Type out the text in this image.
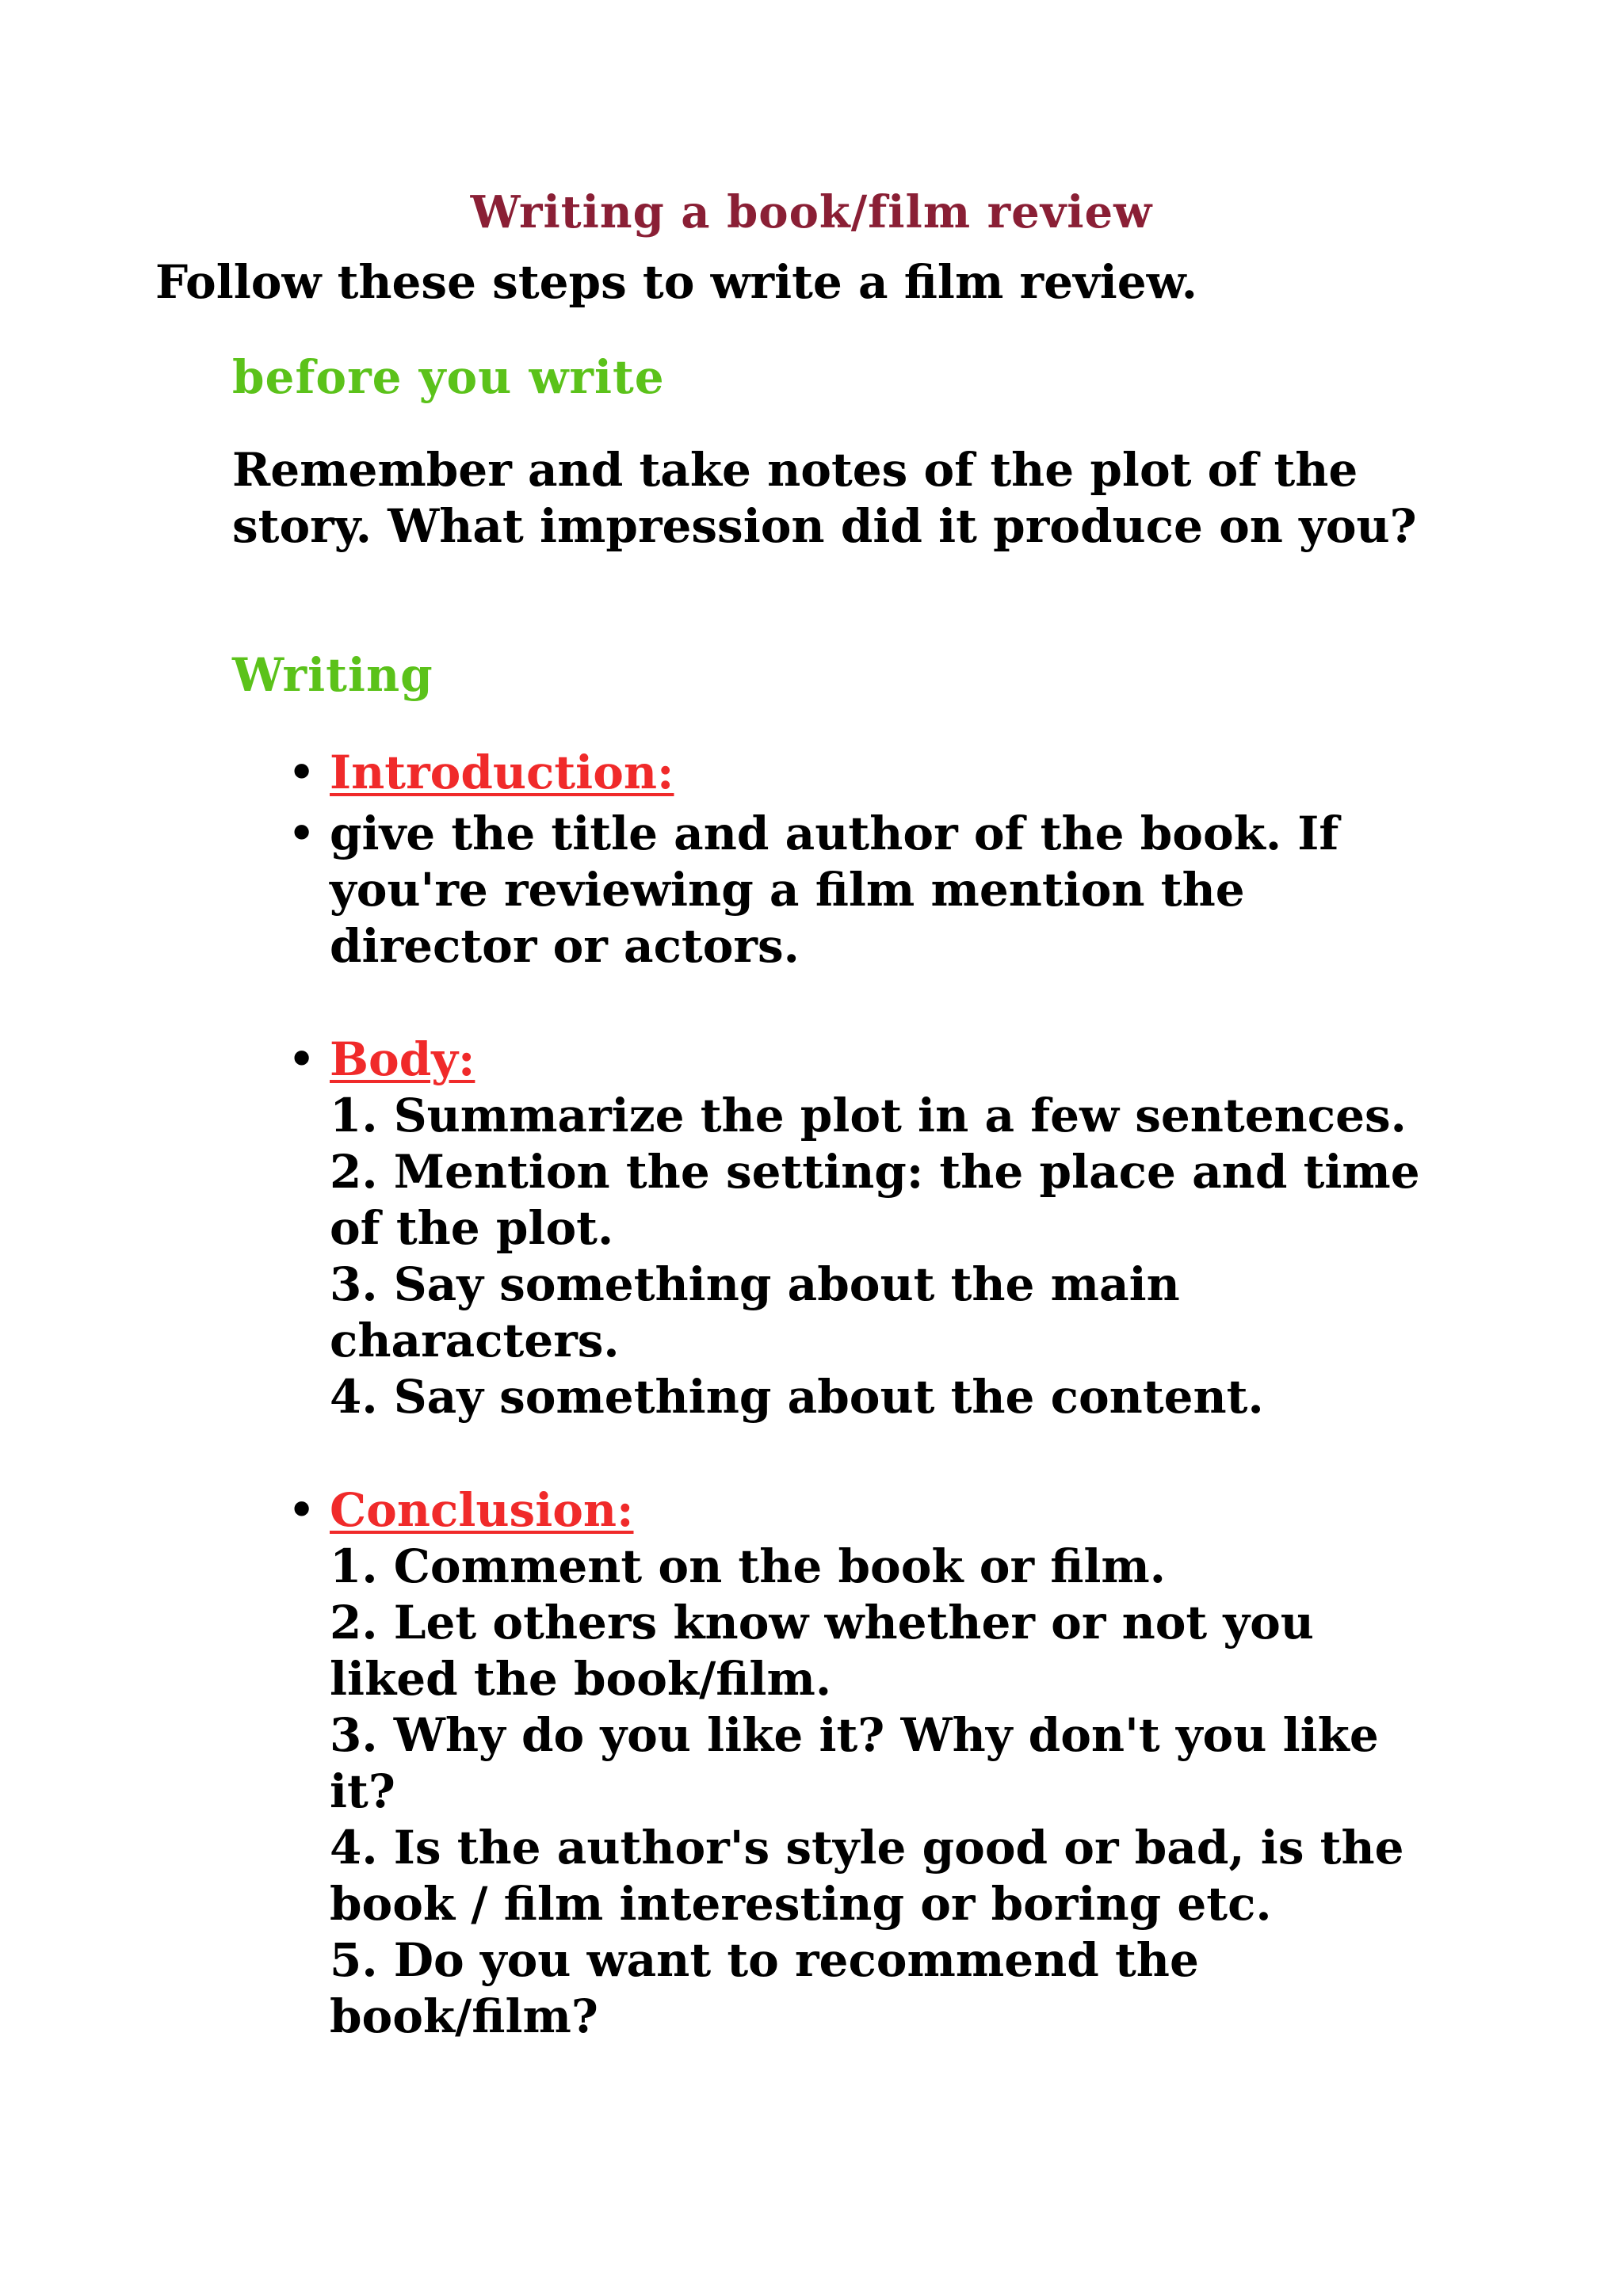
Writing a book/film review
Follow these steps to write a film review.
before you write
Remember and take notes of the plot of the story. What impression did it produce on you?
Writing
• Introduction:
• give the title and author of the book. If you're reviewing a film mention the director or actors.
• Body:
1. Summarize the plot in a few sentences.
2. Mention the setting: the place and time of the plot.
3. Say something about the main characters.
4. Say something about the content.
• Conclusion:
1. Comment on the book or film.
2. Let others know whether or not you liked the book/film.
3. Why do you like it? Why don't you like it?
4. Is the author's style good or bad, is the book / film interesting or boring etc.
5. Do you want to recommend the book/film?
